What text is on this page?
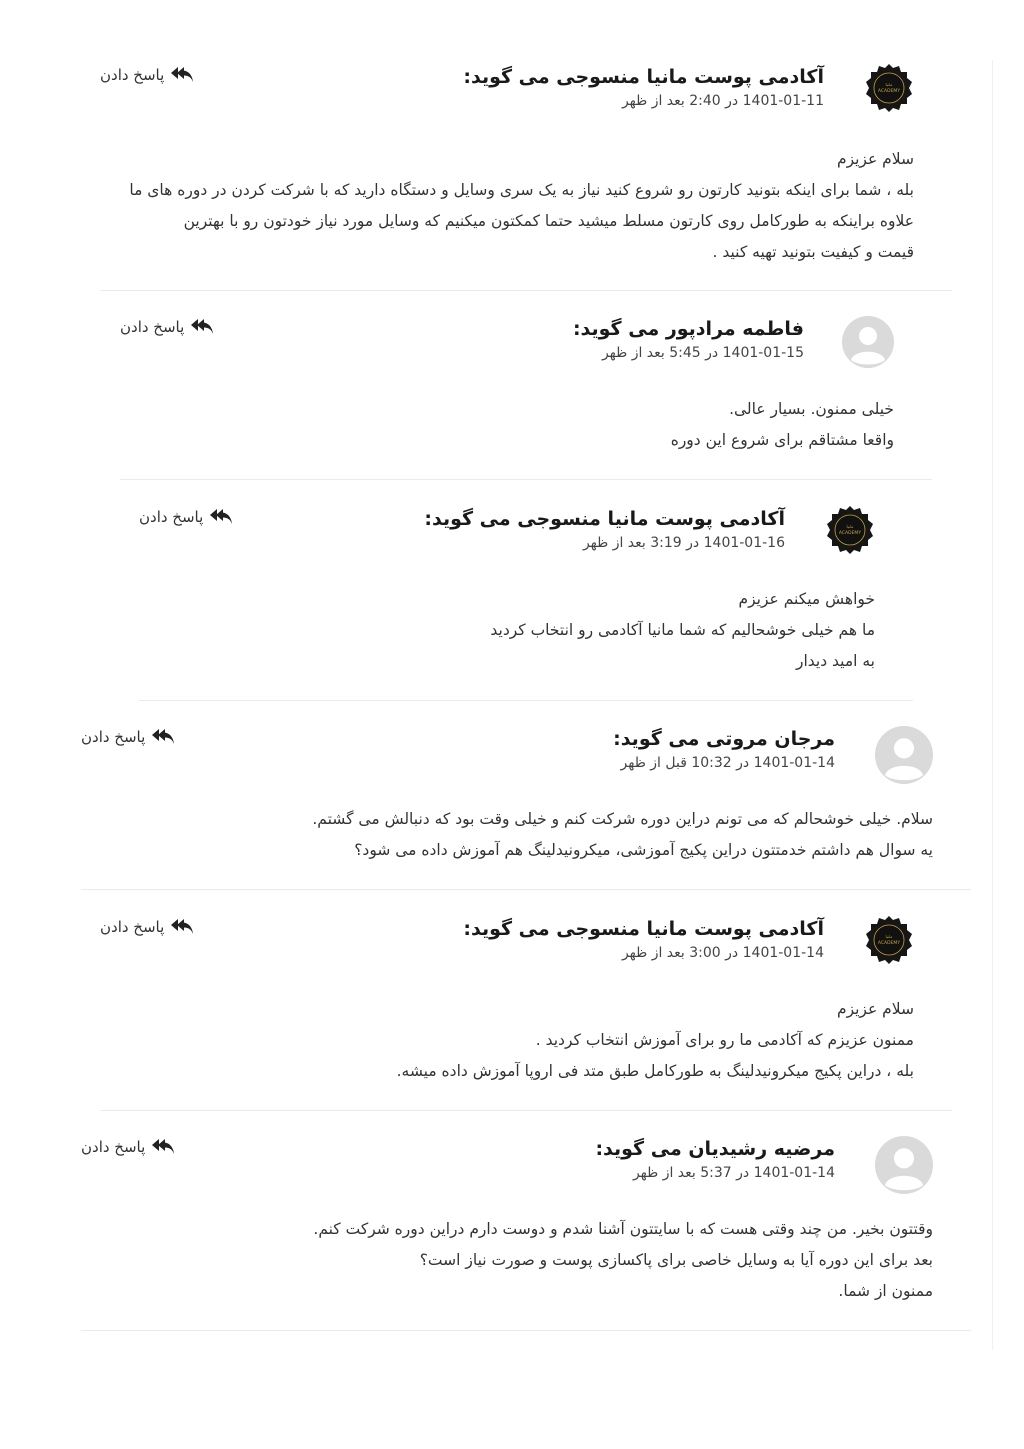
مانیا
ACADEMY
آکادمی پوست مانیا منسوجی می گوید:
1401-01-11 در 2:40 بعد از ظهر
پاسخ دادن

سلام عزیزم

بله ، شما برای اینکه بتونید کارتون رو شروع کنید نیاز به یک سری وسایل و دستگاه دارید که با شرکت کردن در دوره های ما

علاوه براینکه به طورکامل روی کارتون مسلط میشید حتما کمکتون میکنیم که وسایل مورد نیاز خودتون رو با بهترین

قیمت و کیفیت بتونید تهیه کنید .

فاطمه مرادپور می گوید:
1401-01-15 در 5:45 بعد از ظهر
پاسخ دادن

خیلی ممنون. بسیار عالی.

واقعا مشتاقم برای شروع این دوره

مانیا
ACADEMY
آکادمی پوست مانیا منسوجی می گوید:
1401-01-16 در 3:19 بعد از ظهر
پاسخ دادن

خواهش میکنم عزیزم

ما هم خیلی خوشحالیم که شما مانیا آکادمی رو انتخاب کردید

به امید دیدار

مرجان مروتی می گوید:
1401-01-14 در 10:32 قبل از ظهر
پاسخ دادن

سلام. خیلی خوشحالم که می تونم دراین دوره شرکت کنم و خیلی وقت بود که دنبالش می گشتم.

یه سوال هم داشتم خدمتتون دراین پکیج آموزشی، میکرونیدلینگ هم آموزش داده می شود؟

مانیا
ACADEMY
آکادمی پوست مانیا منسوجی می گوید:
1401-01-14 در 3:00 بعد از ظهر
پاسخ دادن

سلام عزیزم

ممنون عزیزم که آکادمی ما رو برای آموزش انتخاب کردید .

بله ، دراین پکیج میکرونیدلینگ به طورکامل طبق متد فی اروپا آموزش داده میشه.

مرضیه رشیدیان می گوید:
1401-01-14 در 5:37 بعد از ظهر
پاسخ دادن

وقتتون بخیر. من چند وقتی هست که با سایتتون آشنا شدم و دوست دارم دراین دوره شرکت کنم.

بعد برای این دوره آیا به وسایل خاصی برای پاکسازی پوست و صورت نیاز است؟

ممنون از شما.
